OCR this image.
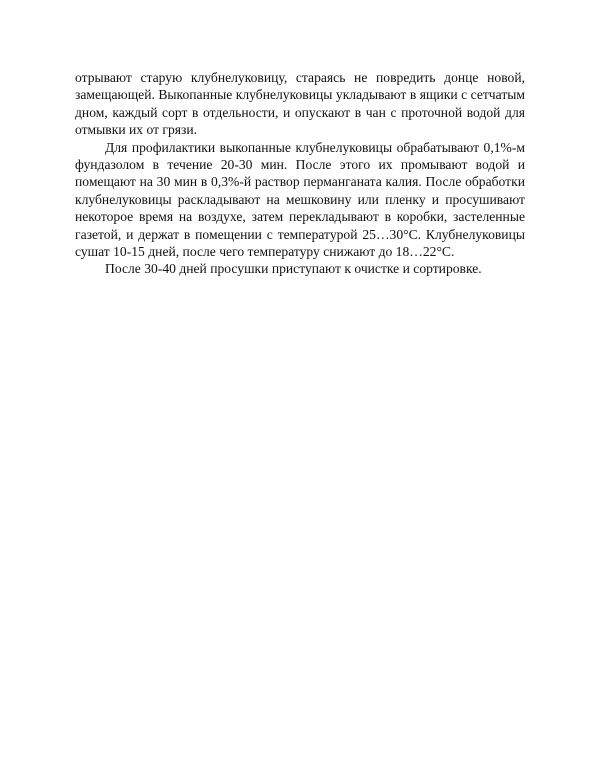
отрывают старую клубнелуковицу, стараясь не повредить донце новой, замещающей. Выкопанные клубнелуковицы укладывают в ящики с сетчатым дном, каждый сорт в отдельности, и опускают в чан с проточной водой для отмывки их от грязи.

Для профилактики выкопанные клубнелуковицы обрабатывают 0,1%-м фундазолом в течение 20-30 мин. После этого их промывают водой и помещают на 30 мин в 0,3%-й раствор перманганата калия. После обработки клубнелуковицы раскладывают на мешковину или пленку и просушивают некоторое время на воздухе, затем перекладывают в коробки, застеленные газетой, и держат в помещении с температурой 25…30°С. Клубнелуковицы сушат 10-15 дней, после чего температуру снижают до 18…22°С.

После 30-40 дней просушки приступают к очистке и сортировке.
